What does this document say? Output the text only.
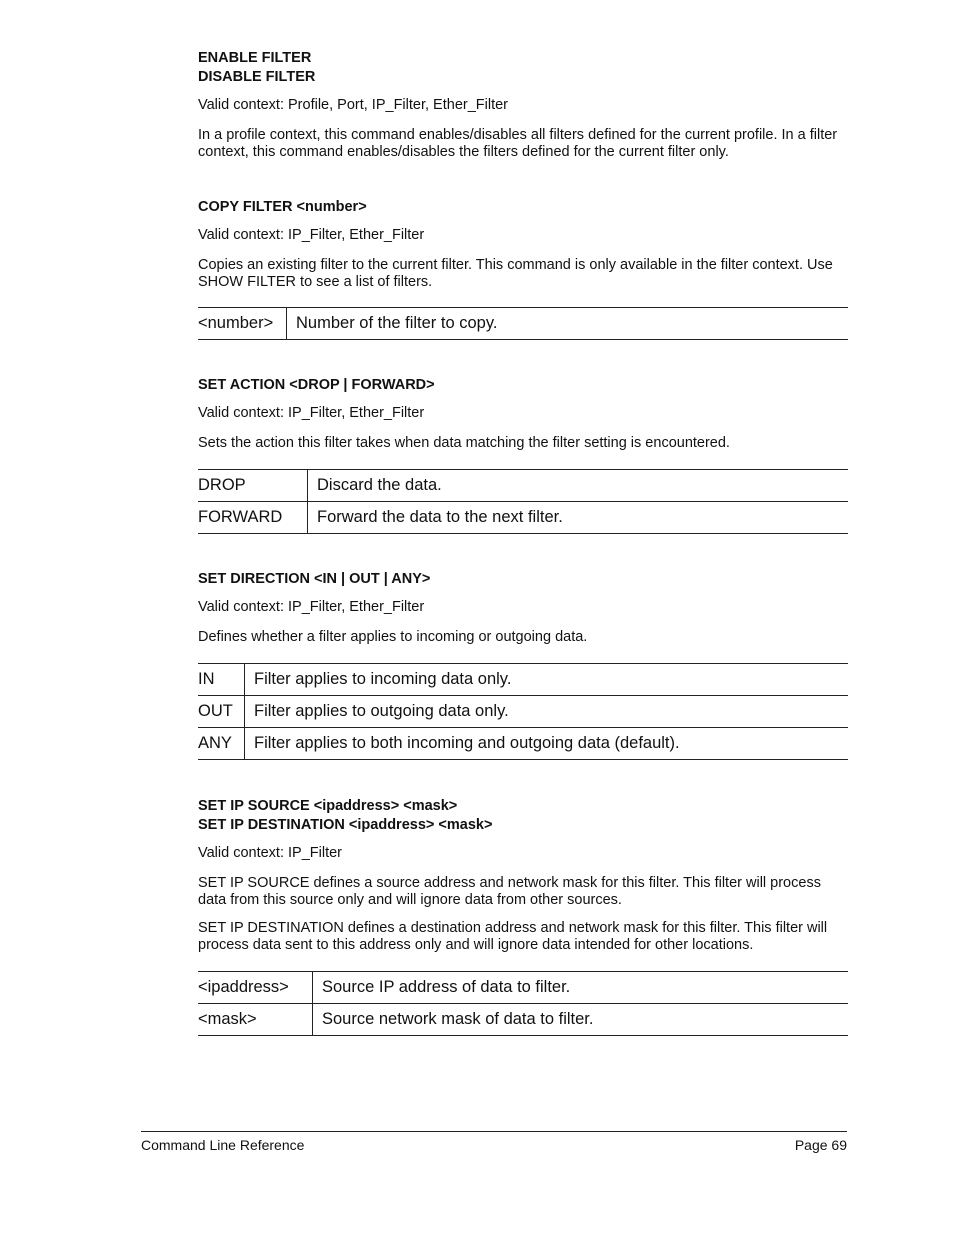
ENABLE FILTER

DISABLE FILTER

Valid context: Profile, Port, IP_Filter, Ether_Filter

In a profile context, this command enables/disables all filters defined for the current profile. In a filter context, this command enables/disables the filters defined for the current filter only.

COPY FILTER <number>

Valid context: IP_Filter, Ether_Filter

Copies an existing filter to the current filter. This command is only available in the filter context. Use SHOW FILTER to see a list of filters.

<number>	Number of the filter to copy.

SET ACTION <DROP | FORWARD>

Valid context: IP_Filter, Ether_Filter

Sets the action this filter takes when data matching the filter setting is encountered.

DROP	Discard the data.
FORWARD	Forward the data to the next filter.

SET DIRECTION <IN | OUT | ANY>

Valid context: IP_Filter, Ether_Filter

Defines whether a filter applies to incoming or outgoing data.

IN	Filter applies to incoming data only.
OUT	Filter applies to outgoing data only.
ANY	Filter applies to both incoming and outgoing data (default).

SET IP SOURCE <ipaddress> <mask>

SET IP DESTINATION <ipaddress> <mask>

Valid context: IP_Filter

SET IP SOURCE defines a source address and network mask for this filter. This filter will process data from this source only and will ignore data from other sources.

SET IP DESTINATION defines a destination address and network mask for this filter. This filter will process data sent to this address only and will ignore data intended for other locations.

<ipaddress>	Source IP address of data to filter.
<mask>	Source network mask of data to filter.
Command Line Reference	Page 69
